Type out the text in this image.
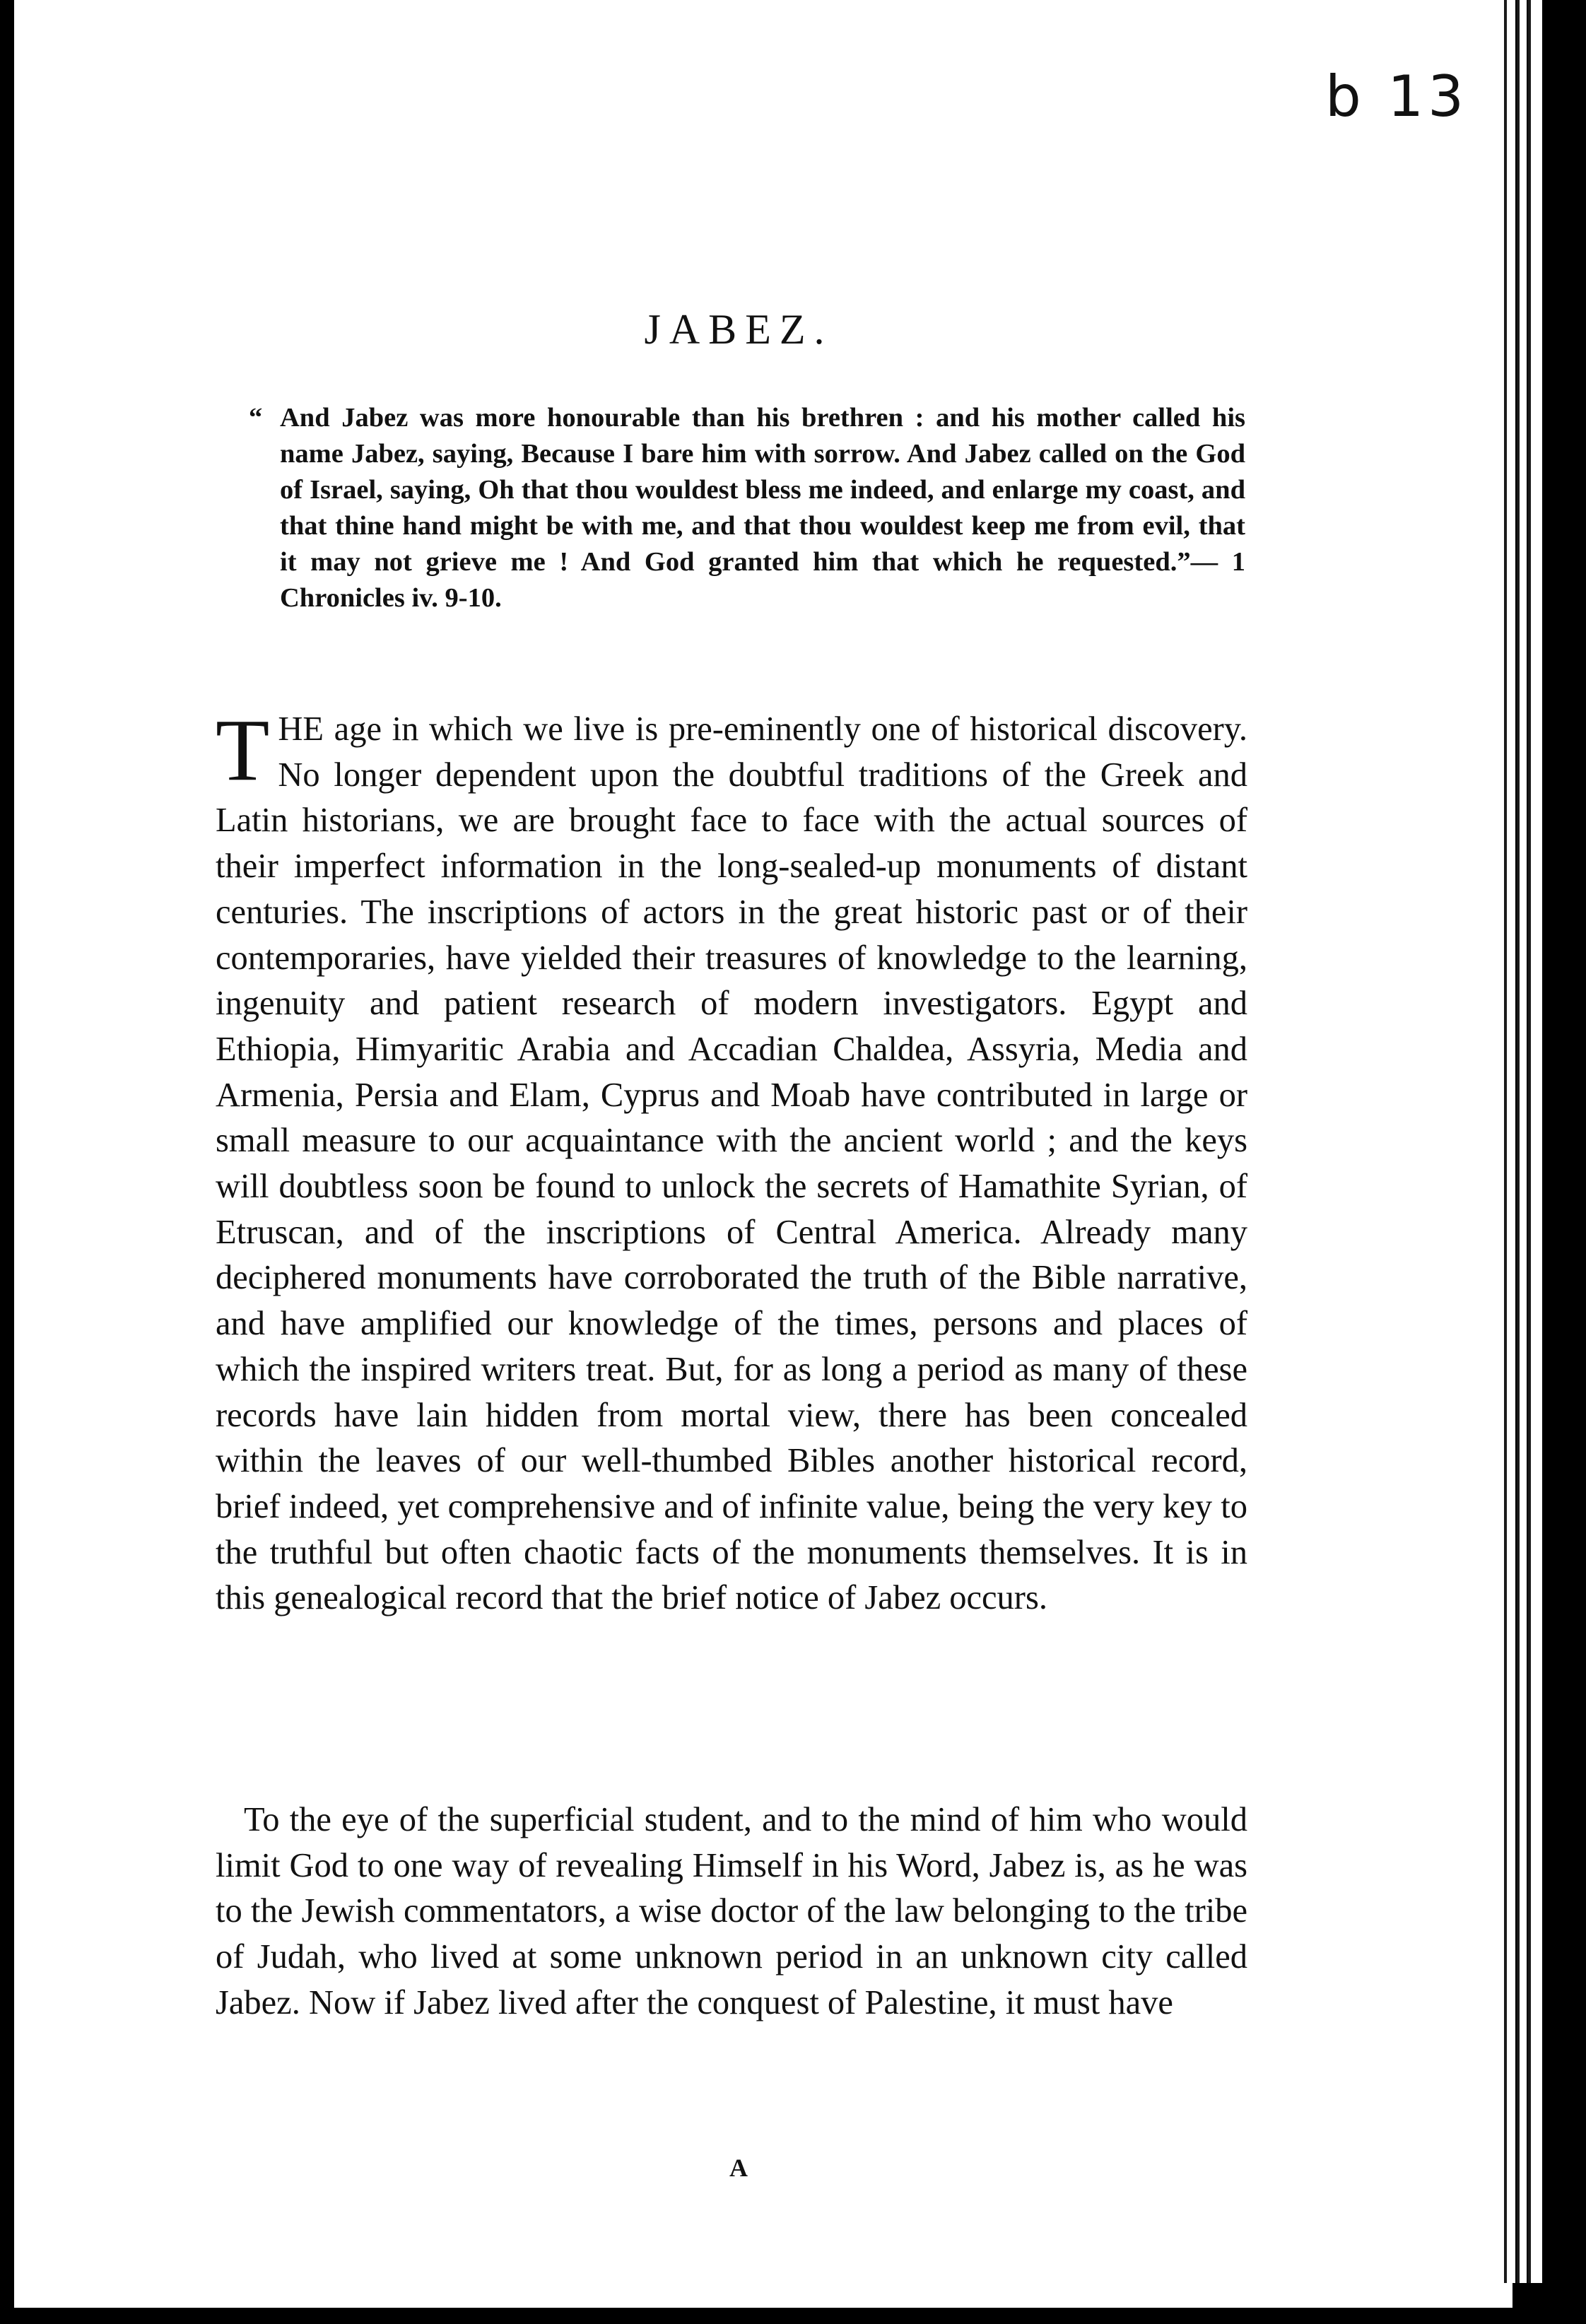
b 13
JABEZ.
“ And Jabez was more honourable than his brethren : and his mother called his name Jabez, saying, Because I bare him with sorrow. And Jabez called on the God of Israel, saying, Oh that thou wouldest bless me indeed, and enlarge my coast, and that thine hand might be with me, and that thou wouldest keep me from evil, that it may not grieve me ! And God granted him that which he requested.”— 1 Chronicles iv. 9-10.

THE age in which we live is pre-eminently one of historical discovery. No longer dependent upon the doubtful traditions of the Greek and Latin historians, we are brought face to face with the actual sources of their imperfect information in the long-sealed-up monuments of distant centuries. The inscriptions of actors in the great historic past or of their contemporaries, have yielded their treasures of knowledge to the learning, ingenuity and patient research of modern investigators. Egypt and Ethiopia, Himyaritic Arabia and Accadian Chaldea, Assyria, Media and Armenia, Persia and Elam, Cyprus and Moab have contributed in large or small measure to our acquaintance with the ancient world ; and the keys will doubtless soon be found to unlock the secrets of Hamathite Syrian, of Etruscan, and of the inscriptions of Central America. Already many deciphered monuments have corroborated the truth of the Bible narrative, and have amplified our knowledge of the times, persons and places of which the inspired writers treat. But, for as long a period as many of these records have lain hidden from mortal view, there has been concealed within the leaves of our well-thumbed Bibles another historical record, brief indeed, yet comprehensive and of infinite value, being the very key to the truthful but often chaotic facts of the monuments themselves. It is in this genealogical record that the brief notice of Jabez occurs.

To the eye of the superficial student, and to the mind of him who would limit God to one way of revealing Himself in his Word, Jabez is, as he was to the Jewish commentators, a wise doctor of the law belonging to the tribe of Judah, who lived at some unknown period in an unknown city called Jabez. Now if Jabez lived after the conquest of Palestine, it must have

A
